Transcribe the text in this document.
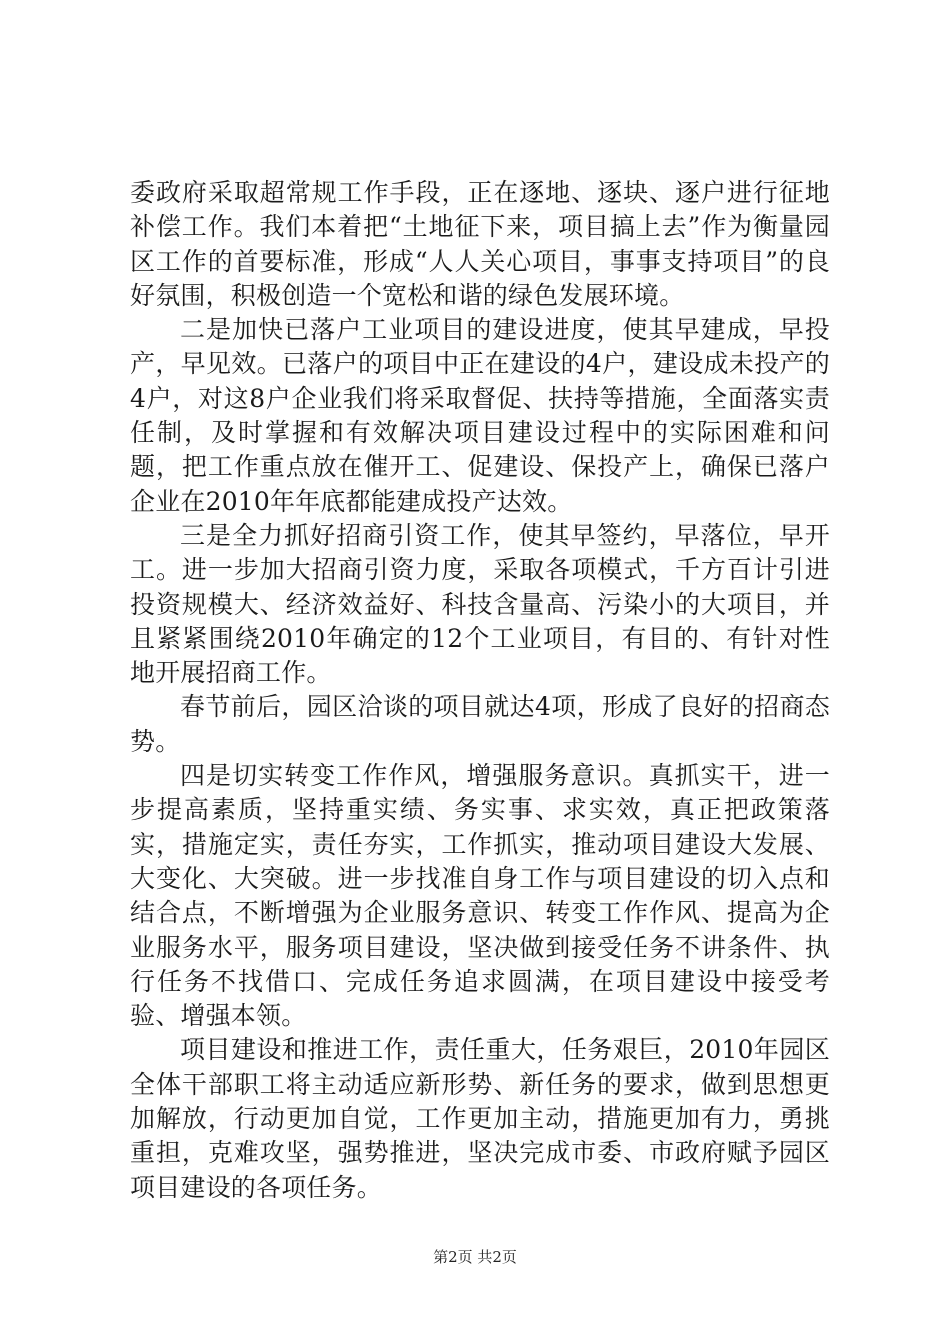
委政府采取超常规工作手段，正在逐地、逐块、逐户进行征地补偿工作。我们本着把“土地征下来，项目搞上去”作为衡量园区工作的首要标准，形成“人人关心项目，事事支持项目”的良好氛围，积极创造一个宽松和谐的绿色发展环境。

二是加快已落户工业项目的建设进度，使其早建成，早投产，早见效。已落户的项目中正在建设的4户，建设成未投产的4户，对这8户企业我们将采取督促、扶持等措施，全面落实责任制，及时掌握和有效解决项目建设过程中的实际困难和问题，把工作重点放在催开工、促建设、保投产上，确保已落户企业在2010年年底都能建成投产达效。

三是全力抓好招商引资工作，使其早签约，早落位，早开工。进一步加大招商引资力度，采取各项模式，千方百计引进投资规模大、经济效益好、科技含量高、污染小的大项目，并且紧紧围绕2010年确定的12个工业项目，有目的、有针对性地开展招商工作。

春节前后，园区洽谈的项目就达4项，形成了良好的招商态势。

四是切实转变工作作风，增强服务意识。真抓实干，进一步提高素质，坚持重实绩、务实事、求实效，真正把政策落实，措施定实，责任夯实，工作抓实，推动项目建设大发展、大变化、大突破。进一步找准自身工作与项目建设的切入点和结合点，不断增强为企业服务意识、转变工作作风、提高为企业服务水平，服务项目建设，坚决做到接受任务不讲条件、执行任务不找借口、完成任务追求圆满，在项目建设中接受考验、增强本领。

项目建设和推进工作，责任重大，任务艰巨，2010年园区全体干部职工将主动适应新形势、新任务的要求，做到思想更加解放，行动更加自觉，工作更加主动，措施更加有力，勇挑重担，克难攻坚，强势推进，坚决完成市委、市政府赋予园区项目建设的各项任务。

第2页 共2页
